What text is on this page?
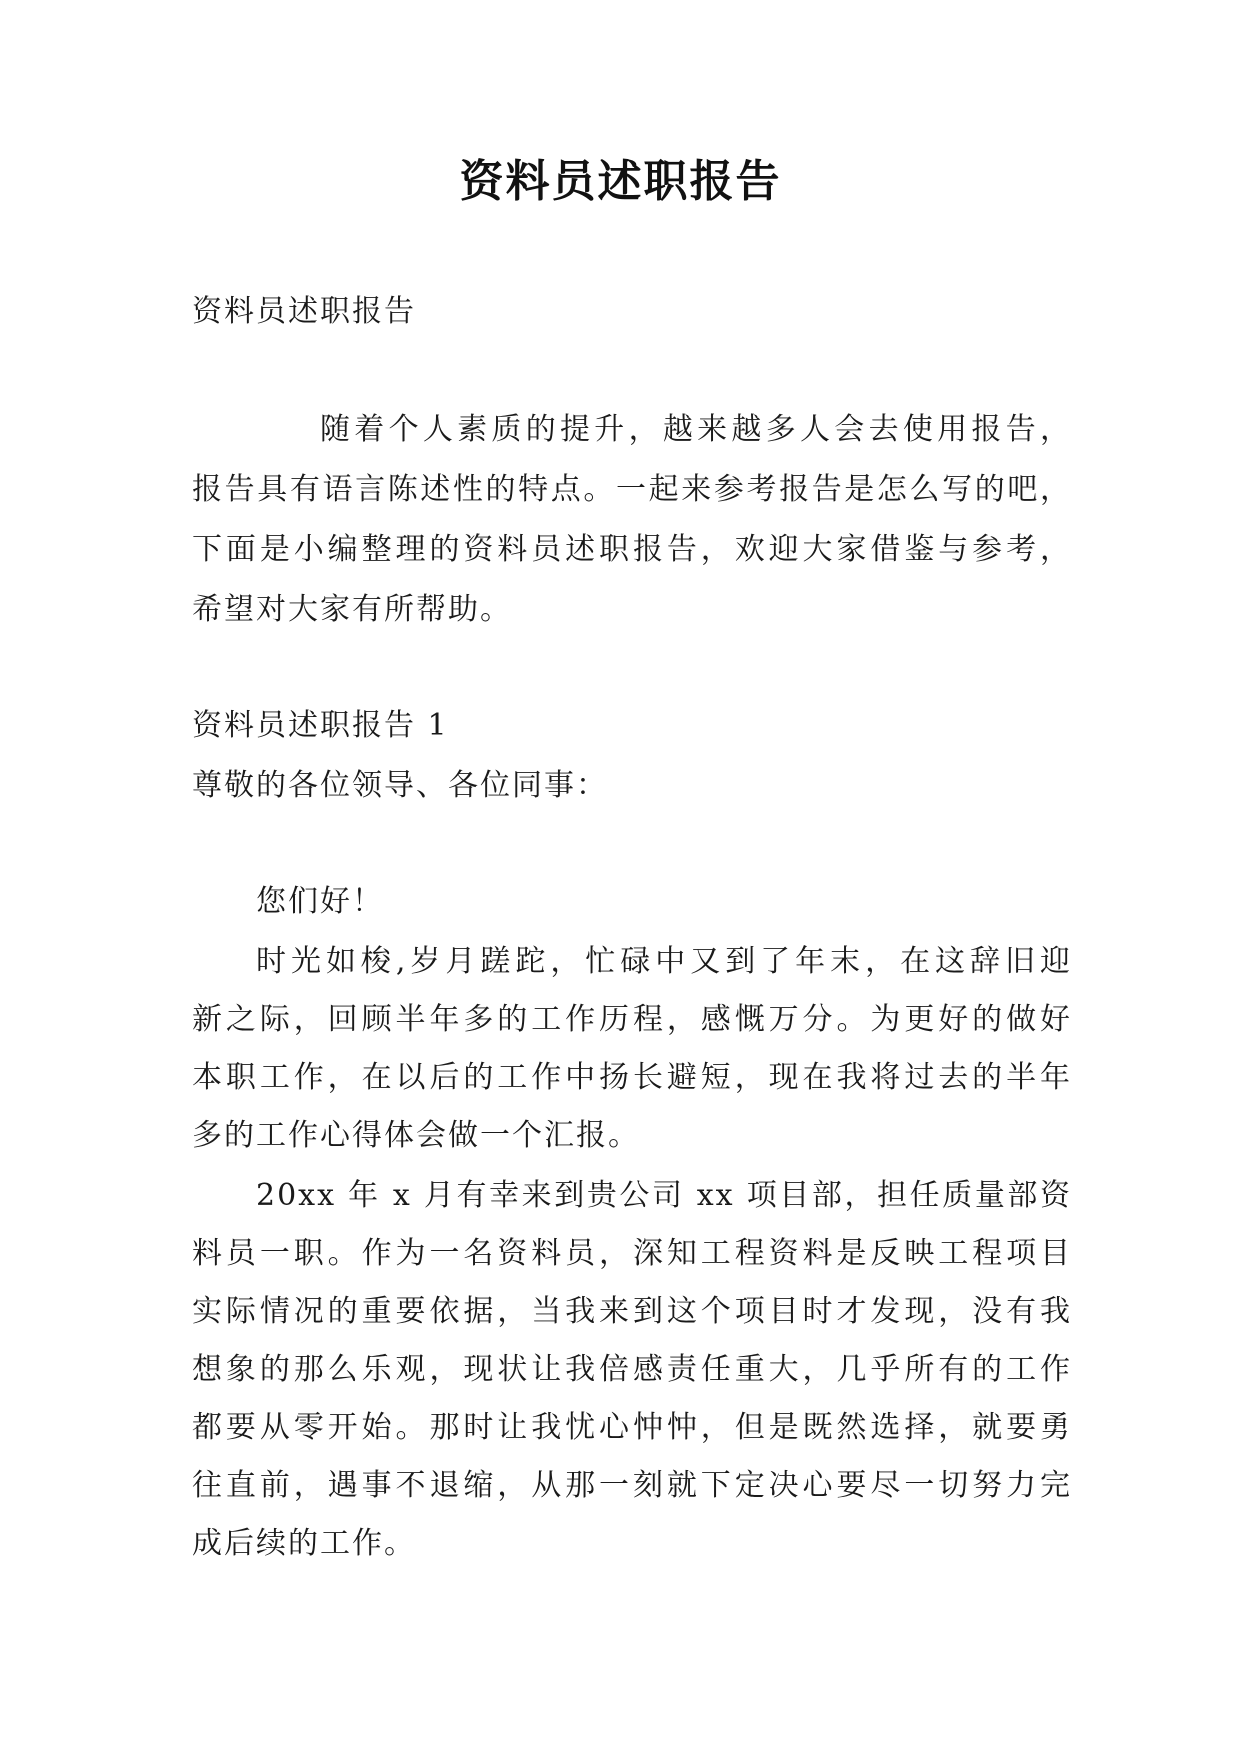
资料员述职报告

资料员述职报告

随着个人素质的提升，越来越多人会去使用报告，

报告具有语言陈述性的特点。一起来参考报告是怎么写的吧，

下面是小编整理的资料员述职报告，欢迎大家借鉴与参考，

希望对大家有所帮助。

资料员述职报告 1

尊敬的各位领导、各位同事：

您们好！

时光如梭,岁月蹉跎，忙碌中又到了年末，在这辞旧迎

新之际，回顾半年多的工作历程，感慨万分。为更好的做好

本职工作，在以后的工作中扬长避短，现在我将过去的半年

多的工作心得体会做一个汇报。

20xx 年 x 月有幸来到贵公司 xx 项目部，担任质量部资

料员一职。作为一名资料员，深知工程资料是反映工程项目

实际情况的重要依据，当我来到这个项目时才发现，没有我

想象的那么乐观，现状让我倍感责任重大，几乎所有的工作

都要从零开始。那时让我忧心忡忡，但是既然选择，就要勇

往直前，遇事不退缩，从那一刻就下定决心要尽一切努力完

成后续的工作。
